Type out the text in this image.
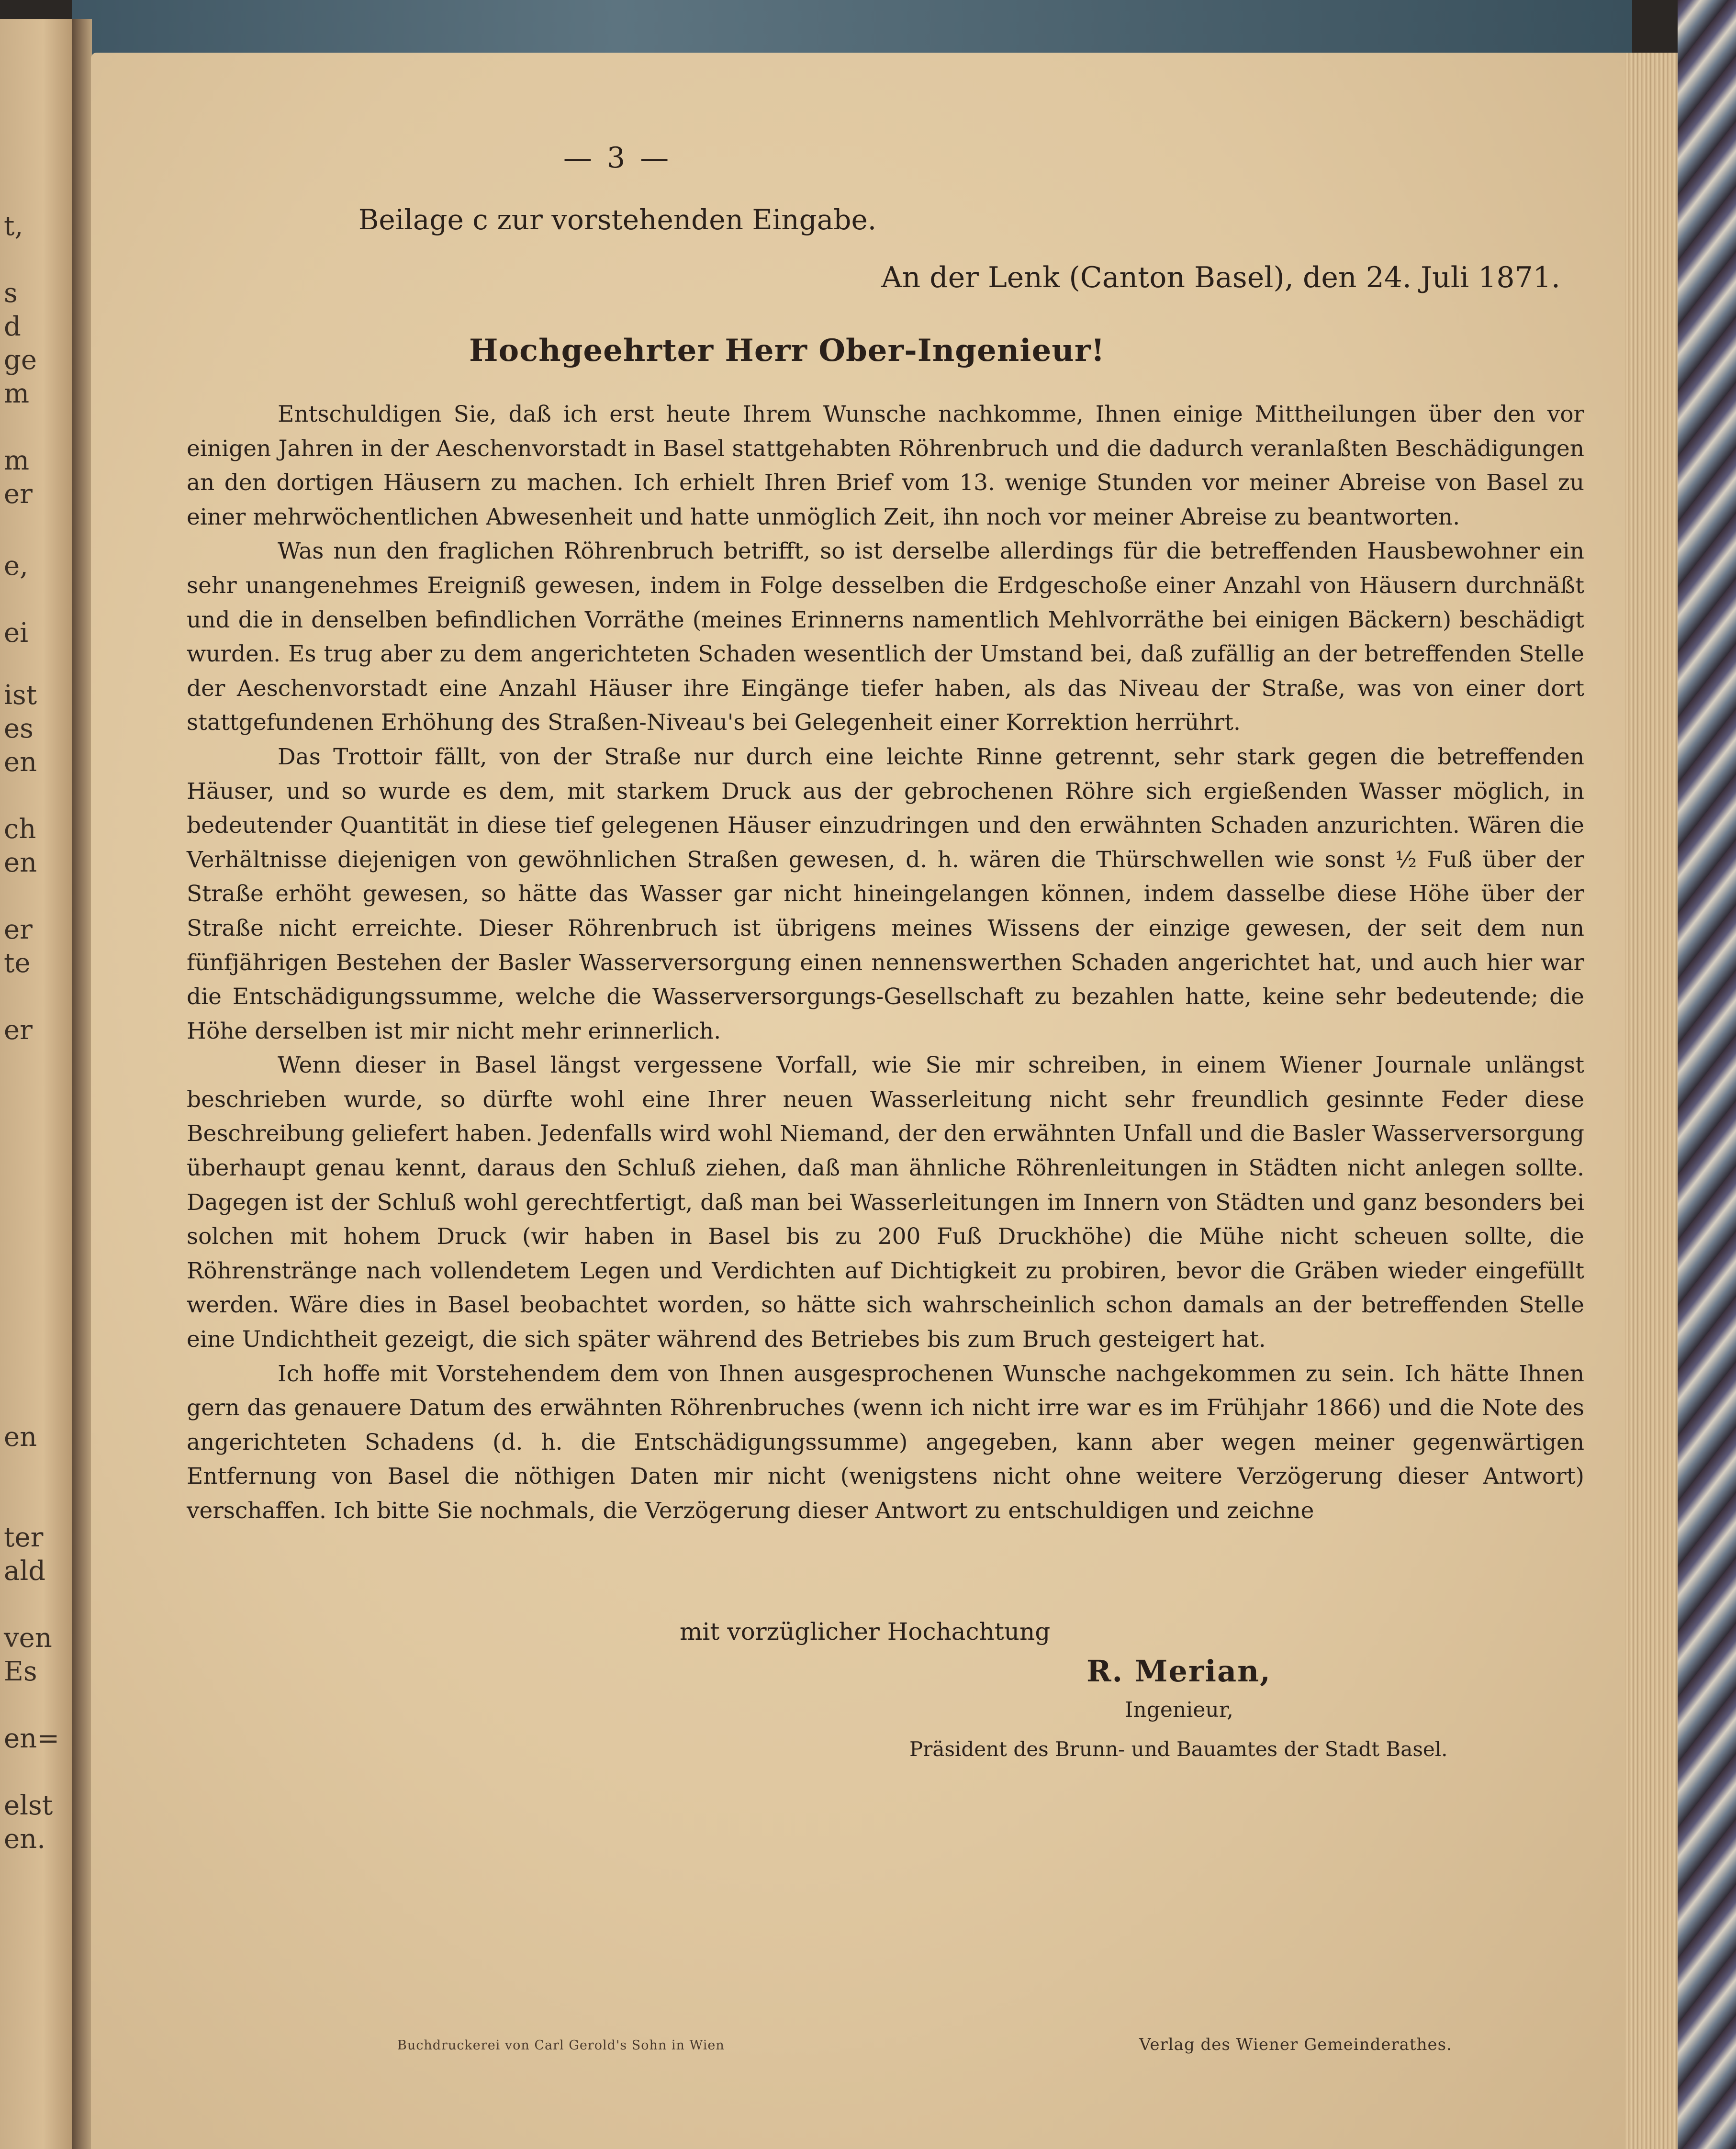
t,
s
d
ge
m
m
er
e,
ei
ist
es
en
ch
en
er
te
er
en
ter
ald
ven
Es
en=
elst
en.
— 3 —
Beilage c zur vorstehenden Eingabe.
An der Lenk (Canton Basel), den 24. Juli 1871.
Hochgeehrter Herr Ober-Ingenieur!

Entschuldigen Sie, daß ich erst heute Ihrem Wunsche nachkomme, Ihnen einige Mittheilungen über den vor einigen Jahren in der Aeschenvorstadt in Basel stattgehabten Röhrenbruch und die dadurch veranlaßten Beschädigungen an den dortigen Häusern zu machen. Ich erhielt Ihren Brief vom 13. wenige Stunden vor meiner Abreise von Basel zu einer mehrwöchentlichen Abwesenheit und hatte unmöglich Zeit, ihn noch vor meiner Abreise zu beantworten.

Was nun den fraglichen Röhrenbruch betrifft, so ist derselbe allerdings für die betreffenden Hausbewohner ein sehr unangenehmes Ereigniß gewesen, indem in Folge desselben die Erdgeschoße einer Anzahl von Häusern durchnäßt und die in denselben befindlichen Vorräthe (meines Erinnerns namentlich Mehlvorräthe bei einigen Bäckern) beschädigt wurden. Es trug aber zu dem angerichteten Schaden wesentlich der Umstand bei, daß zufällig an der betreffenden Stelle der Aeschenvorstadt eine Anzahl Häuser ihre Eingänge tiefer haben, als das Niveau der Straße, was von einer dort stattgefundenen Erhöhung des Straßen-Niveau's bei Gelegenheit einer Korrektion herrührt.

Das Trottoir fällt, von der Straße nur durch eine leichte Rinne getrennt, sehr stark gegen die betreffenden Häuser, und so wurde es dem, mit starkem Druck aus der gebrochenen Röhre sich ergießenden Wasser möglich, in bedeutender Quantität in diese tief gelegenen Häuser einzudringen und den erwähnten Schaden anzurichten. Wären die Verhältnisse diejenigen von gewöhnlichen Straßen gewesen, d. h. wären die Thürschwellen wie sonst ½ Fuß über der Straße erhöht gewesen, so hätte das Wasser gar nicht hineingelangen können, indem dasselbe diese Höhe über der Straße nicht erreichte. Dieser Röhrenbruch ist übrigens meines Wissens der einzige gewesen, der seit dem nun fünfjährigen Bestehen der Basler Wasserversorgung einen nennenswerthen Schaden angerichtet hat, und auch hier war die Entschädigungssumme, welche die Wasserversorgungs-Gesellschaft zu bezahlen hatte, keine sehr bedeutende; die Höhe derselben ist mir nicht mehr erinnerlich.

Wenn dieser in Basel längst vergessene Vorfall, wie Sie mir schreiben, in einem Wiener Journale unlängst beschrieben wurde, so dürfte wohl eine Ihrer neuen Wasserleitung nicht sehr freundlich gesinnte Feder diese Beschreibung geliefert haben. Jedenfalls wird wohl Niemand, der den erwähnten Unfall und die Basler Wasserversorgung überhaupt genau kennt, daraus den Schluß ziehen, daß man ähnliche Röhrenleitungen in Städten nicht anlegen sollte. Dagegen ist der Schluß wohl gerechtfertigt, daß man bei Wasserleitungen im Innern von Städten und ganz besonders bei solchen mit hohem Druck (wir haben in Basel bis zu 200 Fuß Druckhöhe) die Mühe nicht scheuen sollte, die Röhrenstränge nach vollendetem Legen und Verdichten auf Dichtigkeit zu probiren, bevor die Gräben wieder eingefüllt werden. Wäre dies in Basel beobachtet worden, so hätte sich wahrscheinlich schon damals an der betreffenden Stelle eine Undichtheit gezeigt, die sich später während des Betriebes bis zum Bruch gesteigert hat.

Ich hoffe mit Vorstehendem dem von Ihnen ausgesprochenen Wunsche nachgekommen zu sein. Ich hätte Ihnen gern das genauere Datum des erwähnten Röhrenbruches (wenn ich nicht irre war es im Frühjahr 1866) und die Note des angerichteten Schadens (d. h. die Entschädigungssumme) angegeben, kann aber wegen meiner gegenwärtigen Entfernung von Basel die nöthigen Daten mir nicht (wenigstens nicht ohne weitere Verzögerung dieser Antwort) verschaffen. Ich bitte Sie nochmals, die Verzögerung dieser Antwort zu entschuldigen und zeichne

mit vorzüglicher Hochachtung
R. Merian,
Ingenieur,
Präsident des Brunn- und Bauamtes der Stadt Basel.
Buchdruckerei von Carl Gerold's Sohn in Wien	Verlag des Wiener Gemeinderathes.
